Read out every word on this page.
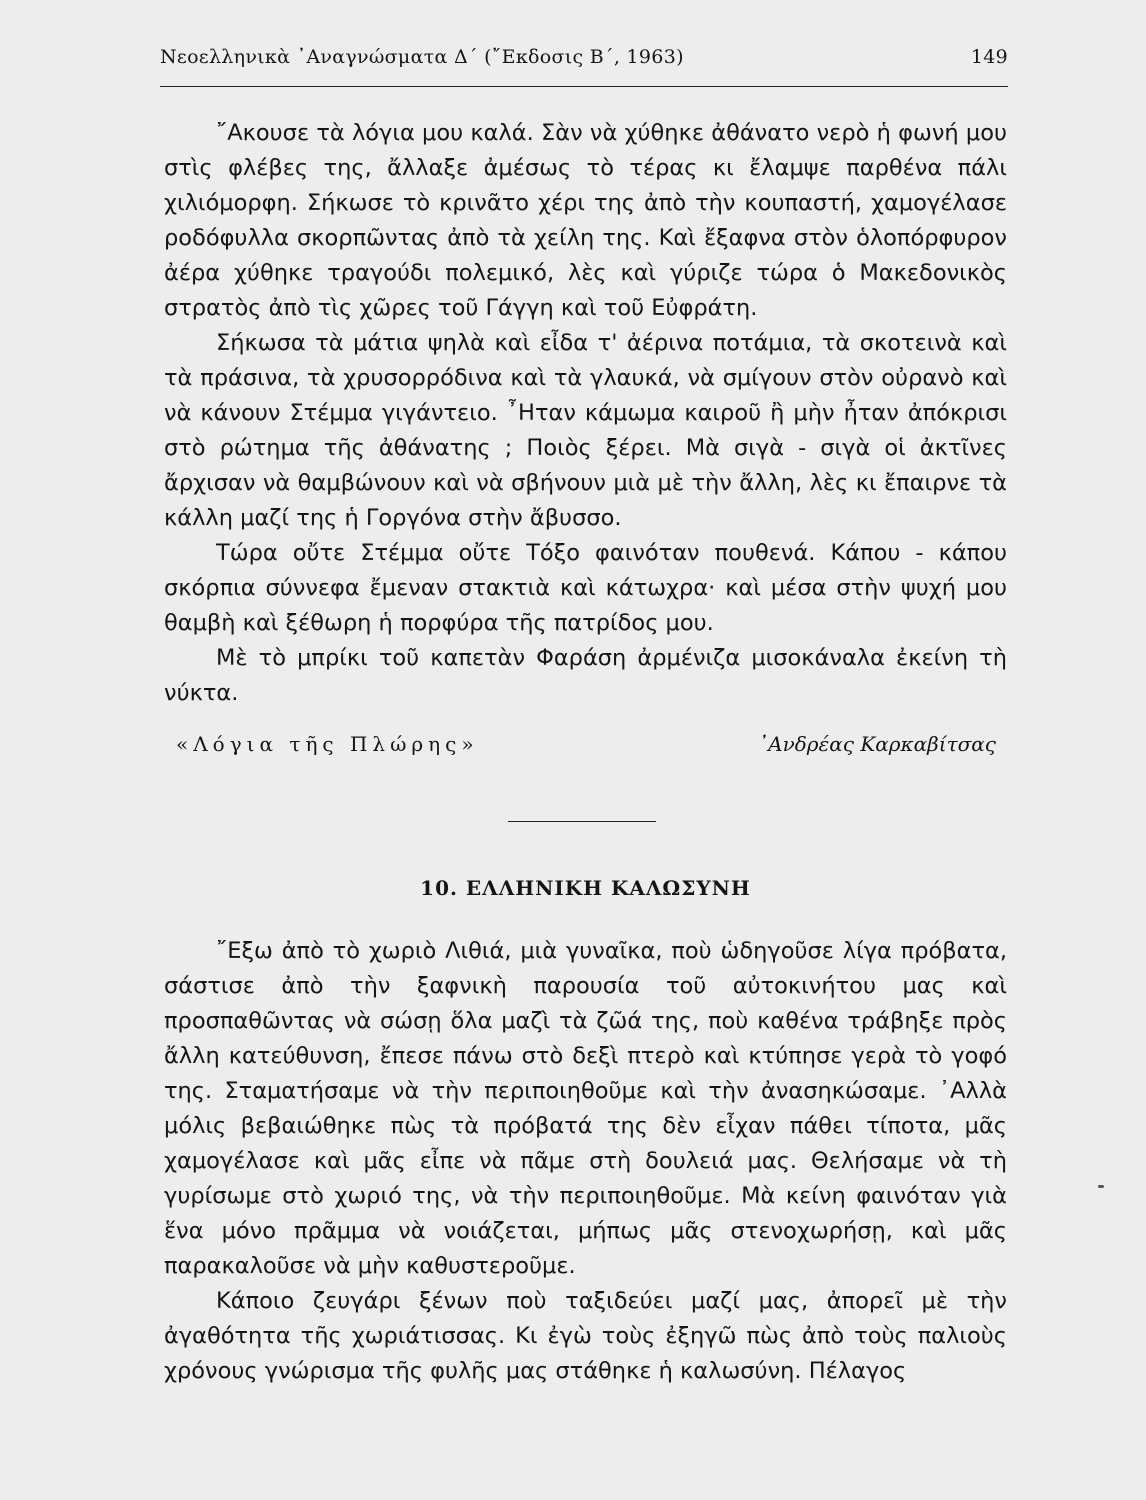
Νεοελληνικὰ ᾿Αναγνώσματα Δ΄ (῎Εκδοσις Β΄, 1963)	149

῎Ακουσε τὰ λόγια μου καλά. Σὰν νὰ χύθηκε ἀθάνατο νερὸ ἡ φωνή μου στὶς φλέβες της, ἄλλαξε ἀμέσως τὸ τέρας κι ἔλαμψε παρθένα πάλι χιλιόμορφη. Σήκωσε τὸ κρινᾶτο χέρι της ἀπὸ τὴν κουπαστή, χαμογέλασε ροδόφυλλα σκορπῶντας ἀπὸ τὰ χείλη της. Καὶ ἔξαφνα στὸν ὁλοπόρφυρον ἀέρα χύθηκε τραγούδι πολεμικό, λὲς καὶ γύριζε τώρα ὁ Μακεδονικὸς στρατὸς ἀπὸ τὶς χῶρες τοῦ Γάγγη καὶ τοῦ Εὐφράτη.

Σήκωσα τὰ μάτια ψηλὰ καὶ εἶδα τ' ἀέρινα ποτάμια, τὰ σκοτεινὰ καὶ τὰ πράσινα, τὰ χρυσορρόδινα καὶ τὰ γλαυκά, νὰ σμίγουν στὸν οὐρανὸ καὶ νὰ κάνουν Στέμμα γιγάντειο. ῏Ηταν κάμωμα καιροῦ ἢ μὴν ἦταν ἀπόκρισι στὸ ρώτημα τῆς ἀθάνατης ; Ποιὸς ξέρει. Μὰ σιγὰ - σιγὰ οἱ ἀκτῖνες ἄρχισαν νὰ θαμβώνουν καὶ νὰ σβήνουν μιὰ μὲ τὴν ἄλλη, λὲς κι ἔπαιρνε τὰ κάλλη μαζί της ἡ Γοργόνα στὴν ἄβυσσο.

Τώρα οὔτε Στέμμα οὔτε Τόξο φαινόταν πουθενά. Κάπου - κάπου σκόρπια σύννεφα ἔμεναν στακτιὰ καὶ κάτωχρα· καὶ μέσα στὴν ψυχή μου θαμβὴ καὶ ξέθωρη ἡ πορφύρα τῆς πατρίδος μου.

Μὲ τὸ μπρίκι τοῦ καπετὰν Φαράση ἀρμένιζα μισοκάναλα ἐκείνη τὴ νύκτα.

«Λόγια τῆς Πλώρης»	᾿Ανδρέας Καρκαβίτσας
10. ΕΛΛΗΝΙΚΗ ΚΑΛΩΣΥΝΗ

῎Εξω ἀπὸ τὸ χωριὸ Λιθιά, μιὰ γυναῖκα, ποὺ ὡδηγοῦσε λίγα πρόβατα, σάστισε ἀπὸ τὴν ξαφνικὴ παρουσία τοῦ αὐτοκινήτου μας καὶ προσπαθῶντας νὰ σώσῃ ὅλα μαζὶ τὰ ζῶά της, ποὺ καθένα τράβηξε πρὸς ἄλλη κατεύθυνση, ἔπεσε πάνω στὸ δεξὶ πτερὸ καὶ κτύπησε γερὰ τὸ γοφό της. Σταματήσαμε νὰ τὴν περιποιηθοῦμε καὶ τὴν ἀνασηκώσαμε. ᾿Αλλὰ μόλις βεβαιώθηκε πὼς τὰ πρόβατά της δὲν εἶχαν πάθει τίποτα, μᾶς χαμογέλασε καὶ μᾶς εἶπε νὰ πᾶμε στὴ δουλειά μας. Θελήσαμε νὰ τὴ γυρίσωμε στὸ χωριό της, νὰ τὴν περιποιηθοῦμε. Μὰ κείνη φαινόταν γιὰ ἕνα μόνο πρᾶμμα νὰ νοιάζεται, μήπως μᾶς στενοχωρήσῃ, καὶ μᾶς παρακαλοῦσε νὰ μὴν καθυστεροῦμε.

Κάποιο ζευγάρι ξένων ποὺ ταξιδεύει μαζί μας, ἀπορεῖ μὲ τὴν ἀγαθότητα τῆς χωριάτισσας. Κι ἐγὼ τοὺς ἐξηγῶ πὼς ἀπὸ τοὺς παλιοὺς χρόνους γνώρισμα τῆς φυλῆς μας στάθηκε ἡ καλωσύνη. Πέλαγος
